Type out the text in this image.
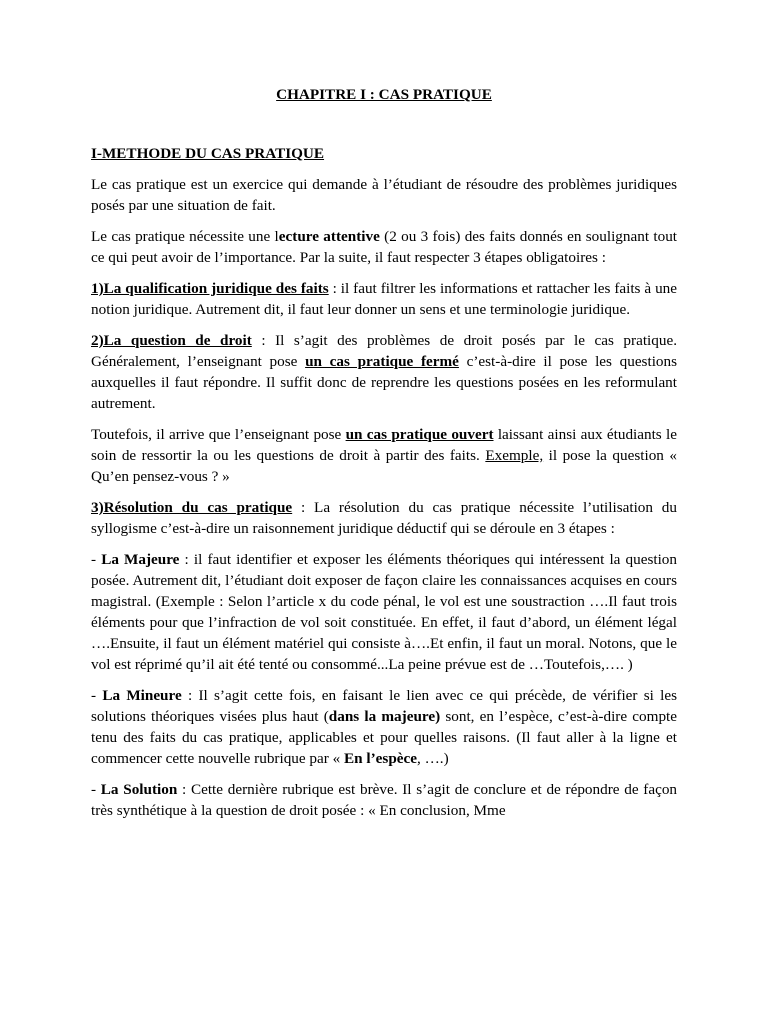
CHAPITRE I : CAS PRATIQUE
I-METHODE DU CAS PRATIQUE

Le cas pratique est un exercice qui demande à l’étudiant de résoudre des problèmes juridiques posés par une situation de fait.

Le cas pratique nécessite une lecture attentive (2 ou 3 fois) des faits donnés en soulignant tout ce qui peut avoir de l’importance. Par la suite, il faut respecter 3 étapes obligatoires :

1)La qualification juridique des faits : il faut filtrer les informations et rattacher les faits à une notion juridique. Autrement dit, il faut leur donner un sens et une terminologie juridique.

2)La question de droit : Il s’agit des problèmes de droit posés par le cas pratique. Généralement, l’enseignant pose un cas pratique fermé c’est-à-dire il pose les questions auxquelles il faut répondre. Il suffit donc de reprendre les questions posées en les reformulant autrement.

Toutefois, il arrive que l’enseignant pose un cas pratique ouvert laissant ainsi aux étudiants le soin de ressortir la ou les questions de droit à partir des faits. Exemple, il pose la question « Qu’en pensez-vous ? »

3)Résolution du cas pratique : La résolution du cas pratique nécessite l’utilisation du syllogisme c’est-à-dire un raisonnement juridique déductif qui se déroule en 3 étapes :

- La Majeure : il faut identifier et exposer les éléments théoriques qui intéressent la question posée. Autrement dit, l’étudiant doit exposer de façon claire les connaissances acquises en cours magistral. (Exemple : Selon l’article x du code pénal, le vol est une soustraction ….Il faut trois éléments pour que l’infraction de vol soit constituée. En effet, il faut d’abord, un élément légal ….Ensuite, il faut un élément matériel qui consiste à….Et enfin, il faut un moral. Notons, que le vol est réprimé qu’il ait été tenté ou consommé...La peine prévue est de …Toutefois,…. )

- La Mineure : Il s’agit cette fois, en faisant le lien avec ce qui précède, de vérifier si les solutions théoriques visées plus haut (dans la majeure) sont, en l’espèce, c’est-à-dire compte tenu des faits du cas pratique, applicables et pour quelles raisons. (Il faut aller à la ligne et commencer cette nouvelle rubrique par « En l’espèce, ….)

- La Solution : Cette dernière rubrique est brève. Il s’agit de conclure et de répondre de façon très synthétique à la question de droit posée : « En conclusion, Mme
